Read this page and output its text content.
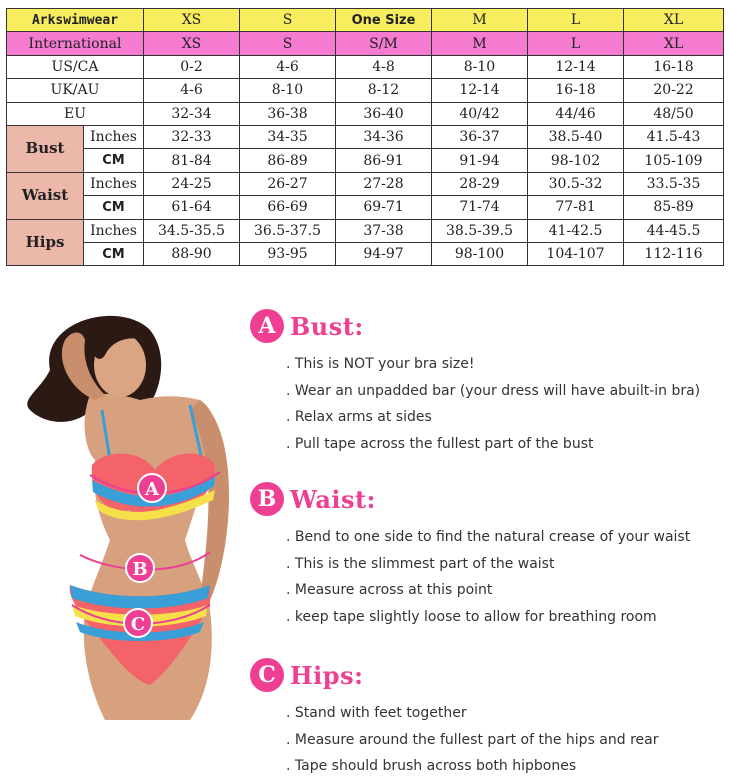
Arkswimwear		XS	S	One Size	M	L	XL
International		XS	S	S/M	M	L	XL
US/CA		0-2	4-6	4-8	8-10	12-14	16-18
UK/AU		4-6	8-10	8-12	12-14	16-18	20-22
EU		32-34	36-38	36-40	40/42	44/46	48/50
Bust	Inches	32-33	34-35	34-36	36-37	38.5-40	41.5-43
	CM	81-84	86-89	86-91	91-94	98-102	105-109
Waist	Inches	24-25	26-27	27-28	28-29	30.5-32	33.5-35
	CM	61-64	66-69	69-71	71-74	77-81	85-89
Hips	Inches	34.5-35.5	36.5-37.5	37-38	38.5-39.5	41-42.5	44-45.5
	CM	88-90	93-95	94-97	98-100	104-107	112-116
A
B
C
A Bust:
. This is NOT your bra size!
. Wear an unpadded bar (your dress will have abuilt-in bra)
. Relax arms at sides
. Pull tape across the fullest part of the bust
B Waist:
. Bend to one side to find the natural crease of your waist
. This is the slimmest part of the waist
. Measure across at this point
. keep tape slightly loose to allow for breathing room
C Hips:
. Stand with feet together
. Measure around the fullest part of the hips and rear
. Tape should brush across both hipbones
